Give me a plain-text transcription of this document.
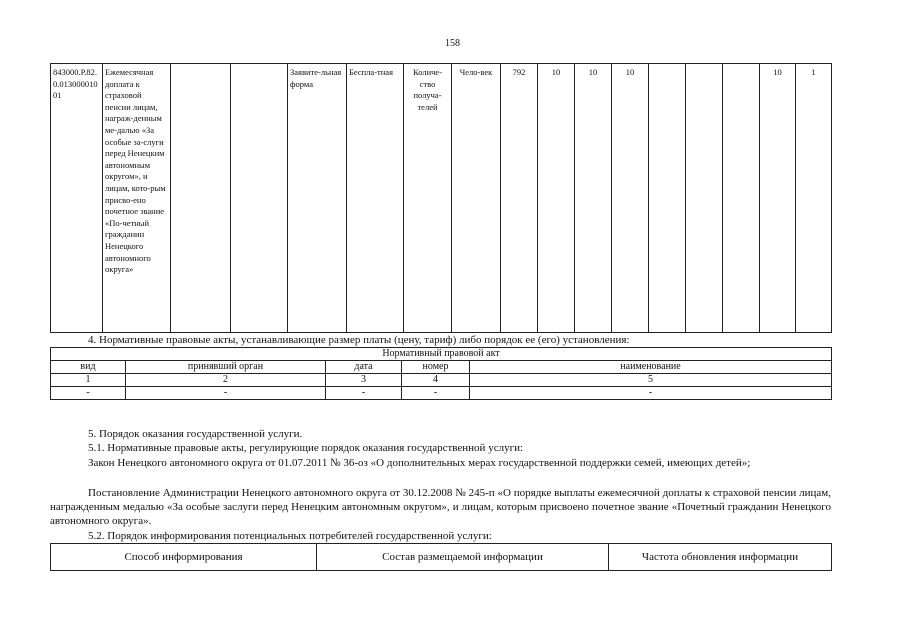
158
843000.Р.82.0.01300001001	Ежемесячная доплата к страховой пенсии лицам, награж-денным ме-далью «За особые за-слуги перед Ненецким автономным округом», и лицам, кото-рым присво-ено почетное звание «По-четный гражданин Ненецкого автономного округа»			Заявите-льная форма	Беспла-тная	Количе-ство получа-телей	Чело-век	792	10	10	10				10	1

4. Нормативные правовые акты, устанавливающие размер платы (цену, тариф) либо порядок ее (его) установления:

Нормативный правовой акт				
вид	принявший орган	дата	номер	наименование
1	2	3	4	5
-	-	-	-	-

5. Порядок оказания государственной услуги.

5.1. Нормативные правовые акты, регулирующие порядок оказания государственной услуги:

Закон Ненецкого автономного округа от 01.07.2011 № 36-оз «О дополнительных мерах государственной поддержки семей, имеющих детей»;

Постановление Администрации Ненецкого автономного округа от 30.12.2008 № 245-п «О порядке выплаты ежемесячной доплаты к страховой пенсии лицам, награжденным медалью «За особые заслуги перед Ненецким автономным округом», и лицам, которым присвоено почетное звание «Почетный гражданин Ненецкого автономного округа».

5.2. Порядок информирования потенциальных потребителей государственной услуги:

Способ информирования	Состав размещаемой информации	Частота обновления информации
